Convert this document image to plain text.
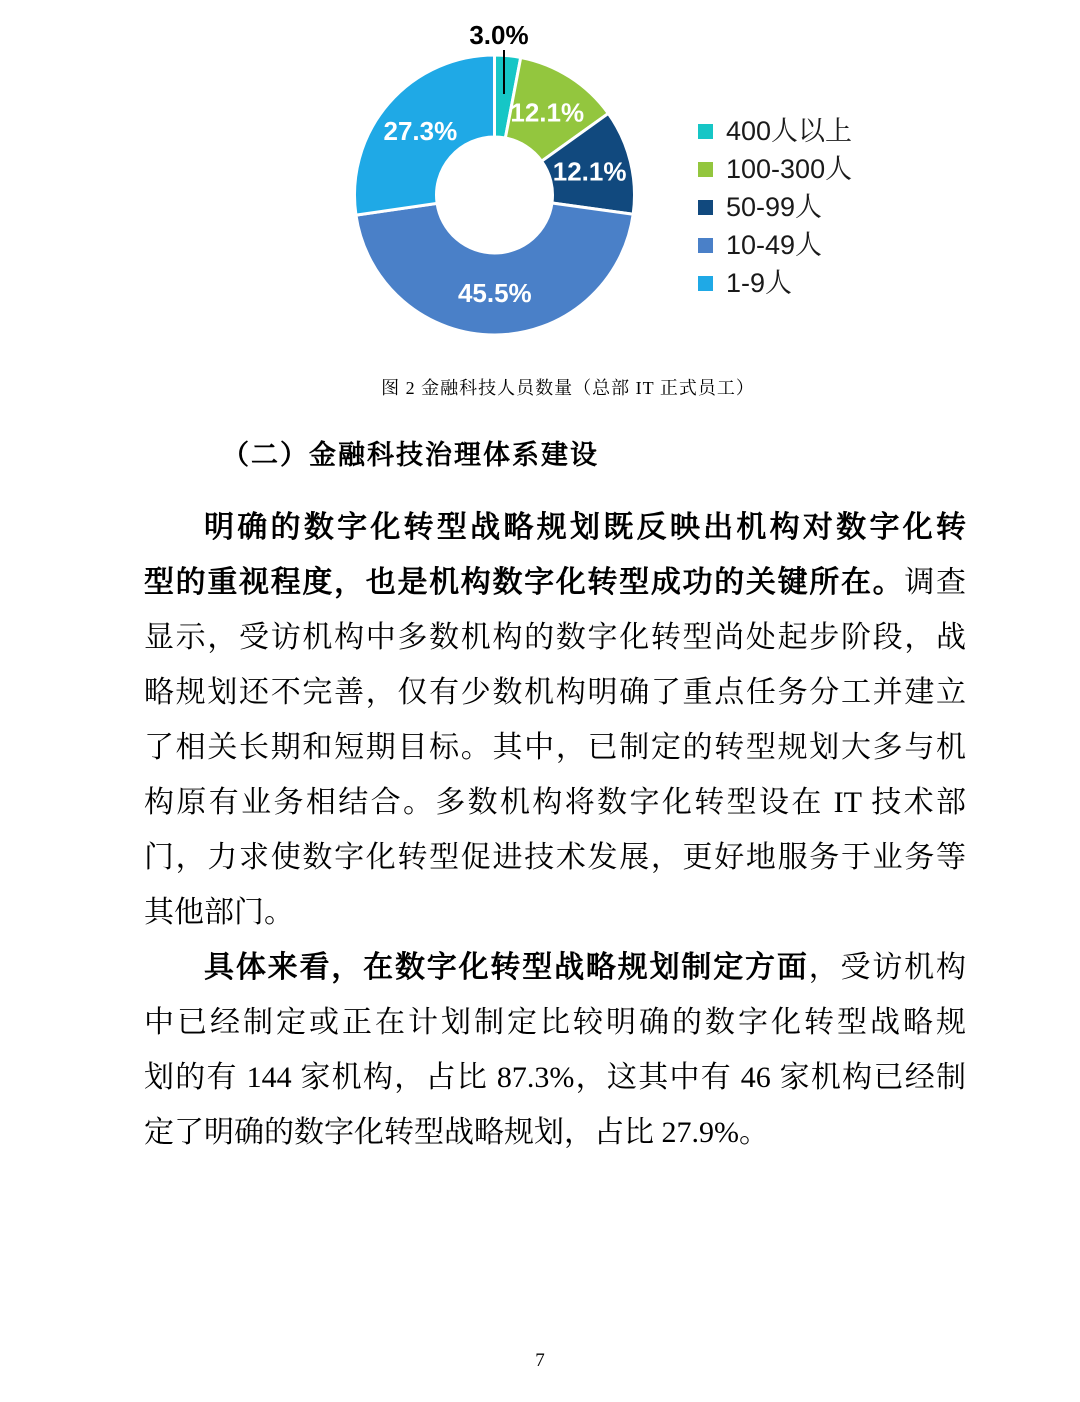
3.0%
12.1%
12.1%
45.5%
27.3%	400人以上
100-300人
50-99人
10-49人
1-9人
图 2 金融科技人员数量（总部 IT 正式员工）
（二）金融科技治理体系建设
明确的数字化转型战略规划既反映出机构对数字化转
型的重视程度，也是机构数字化转型成功的关键所在。调查
显示，受访机构中多数机构的数字化转型尚处起步阶段，战
略规划还不完善，仅有少数机构明确了重点任务分工并建立
了相关长期和短期目标。其中，已制定的转型规划大多与机
构原有业务相结合。多数机构将数字化转型设在 IT 技术部
门，力求使数字化转型促进技术发展，更好地服务于业务等
其他部门。
具体来看，在数字化转型战略规划制定方面，受访机构
中已经制定或正在计划制定比较明确的数字化转型战略规
划的有 144 家机构，占比 87.3%，这其中有 46 家机构已经制
定了明确的数字化转型战略规划，占比 27.9%。
7
